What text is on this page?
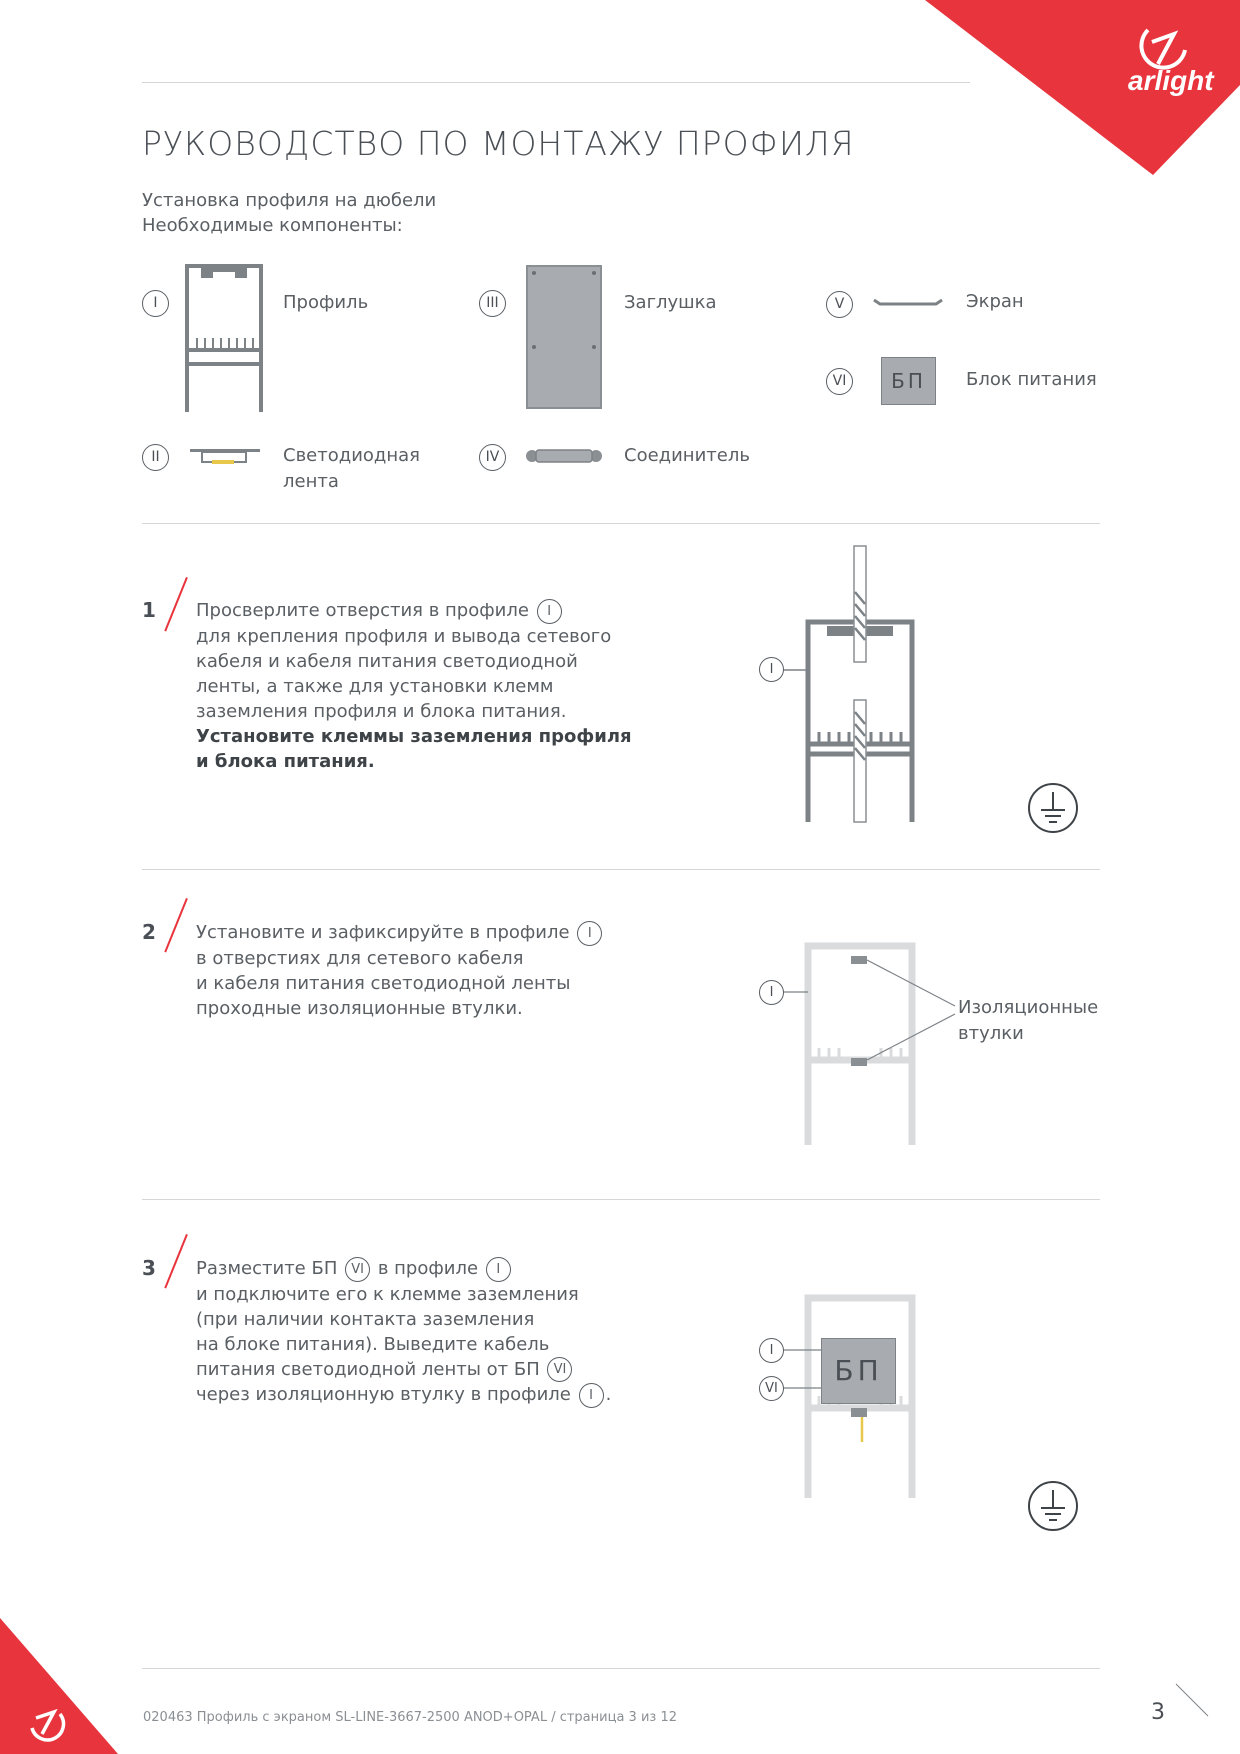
arlight
РУКОВОДСТВО ПО МОНТАЖУ ПРОФИЛЯ
Установка профиля на дюбели
Необходимые компоненты:
I	Профиль
II	Светодиодная
лента
III	Заглушка
IV	Соединитель
V	Экран
VI	БП	Блок питания
1 Просверлите отверстия в профиле I
для крепления профиля и вывода сетевого
кабеля и кабеля питания светодиодной
ленты, а также для установки клемм
заземления профиля и блока питания.
Установите клеммы заземления профиля
и блока питания.
I
2 Установите и зафиксируйте в профиле I
в отверстиях для сетевого кабеля
и кабеля питания светодиодной ленты
проходные изоляционные втулки.
I
Изоляционные
втулки
3 Разместите БП VI в профиле I
и подключите его к клемме заземления
(при наличии контакта заземления
на блоке питания). Выведите кабель
питания светодиодной ленты от БП VI
через изоляционную втулку в профиле I .
БП
I
VI
020463 Профиль с экраном SL-LINE-3667-2500 ANOD+OPAL / страница 3 из 12	3
